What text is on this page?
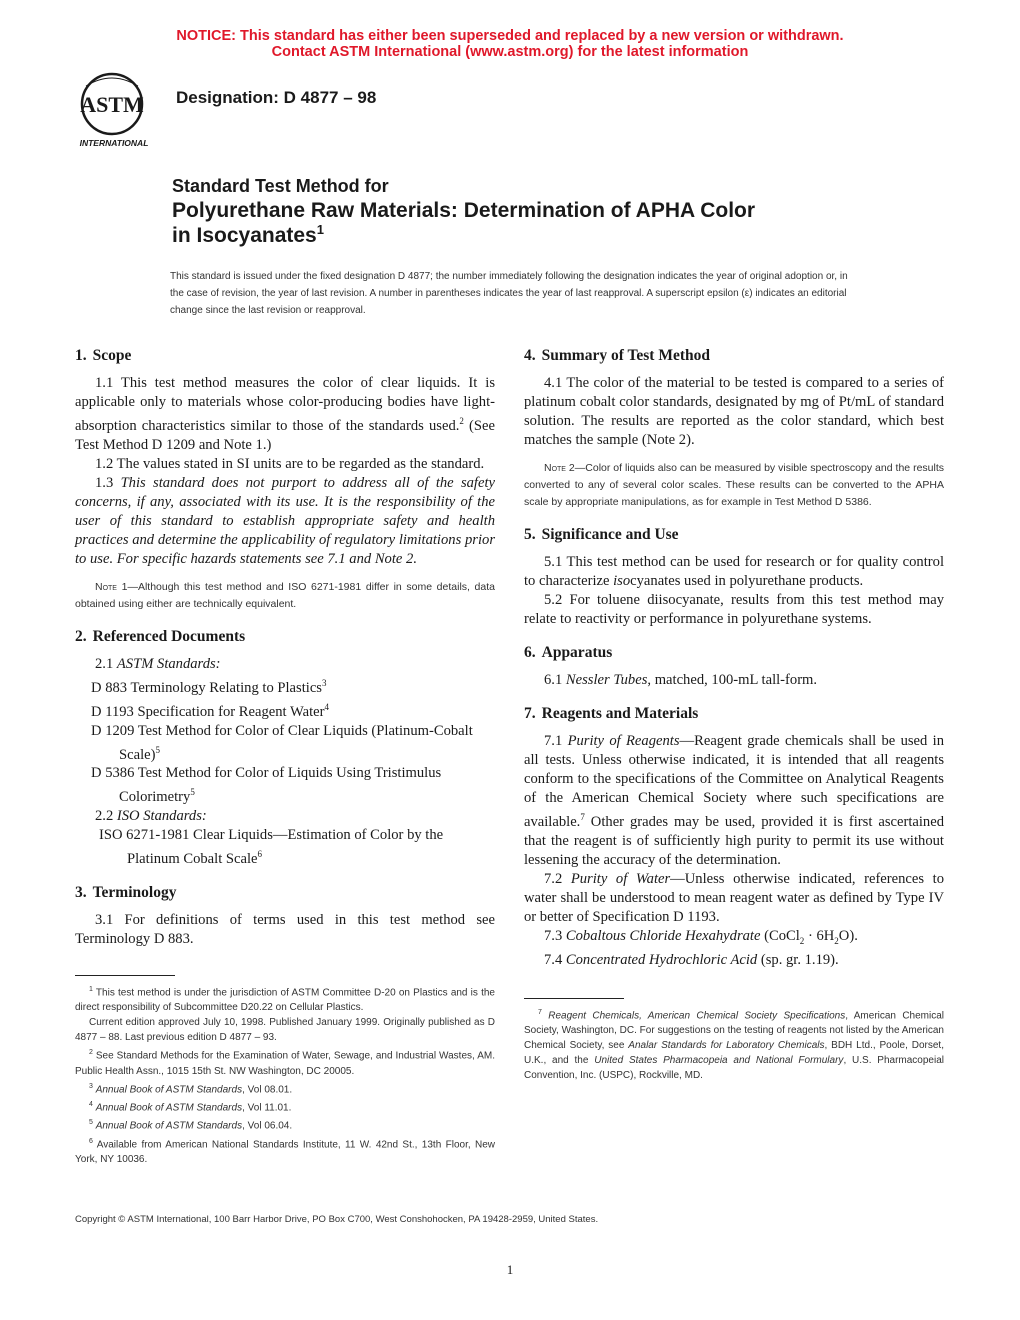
NOTICE: This standard has either been superseded and replaced by a new version or withdrawn.
Contact ASTM International (www.astm.org) for the latest information
ASTM
INTERNATIONAL
Designation: D 4877 – 98
Standard Test Method for
Polyurethane Raw Materials: Determination of APHA Color
in Isocyanates$^1$
This standard is issued under the fixed designation D 4877; the number immediately following the designation indicates the year of original adoption or, in the case of revision, the year of last revision. A number in parentheses indicates the year of last reapproval. A superscript epsilon (ε) indicates an editorial change since the last revision or reapproval.
1. Scope

1.1 This test method measures the color of clear liquids. It is applicable only to materials whose color-producing bodies have light-absorption characteristics similar to those of the standards used.$^2$ (See Test Method D 1209 and Note 1.)

1.2 The values stated in SI units are to be regarded as the standard.

1.3 This standard does not purport to address all of the safety concerns, if any, associated with its use. It is the responsibility of the user of this standard to establish appropriate safety and health practices and determine the applicability of regulatory limitations prior to use. For specific hazards statements see 7.1 and Note 2.

Note 1—Although this test method and ISO 6271-1981 differ in some details, data obtained using either are technically equivalent.

2. Referenced Documents

2.1 ASTM Standards:

D 883 Terminology Relating to Plastics$^3$

D 1193 Specification for Reagent Water$^4$

D 1209 Test Method for Color of Clear Liquids (Platinum-Cobalt Scale)$^5$

D 5386 Test Method for Color of Liquids Using Tristimulus Colorimetry$^5$

2.2 ISO Standards:

ISO 6271-1981 Clear Liquids—Estimation of Color by the Platinum Cobalt Scale$^6$

3. Terminology

3.1 For definitions of terms used in this test method see Terminology D 883.

$^1$ This test method is under the jurisdiction of ASTM Committee D-20 on Plastics and is the direct responsibility of Subcommittee D20.22 on Cellular Plastics.

Current edition approved July 10, 1998. Published January 1999. Originally published as D 4877 – 88. Last previous edition D 4877 – 93.

$^2$ See Standard Methods for the Examination of Water, Sewage, and Industrial Wastes, AM. Public Health Assn., 1015 15th St. NW Washington, DC 20005.

$^3$ Annual Book of ASTM Standards, Vol 08.01.

$^4$ Annual Book of ASTM Standards, Vol 11.01.

$^5$ Annual Book of ASTM Standards, Vol 06.04.

$^6$ Available from American National Standards Institute, 11 W. 42nd St., 13th Floor, New York, NY 10036.

4. Summary of Test Method

4.1 The color of the material to be tested is compared to a series of platinum cobalt color standards, designated by mg of Pt/mL of standard solution. The results are reported as the color standard, which best matches the sample (Note 2).

Note 2—Color of liquids also can be measured by visible spectroscopy and the results converted to any of several color scales. These results can be converted to the APHA scale by appropriate manipulations, as for example in Test Method D 5386.

5. Significance and Use

5.1 This test method can be used for research or for quality control to characterize isocyanates used in polyurethane products.

5.2 For toluene diisocyanate, results from this test method may relate to reactivity or performance in polyurethane systems.

6. Apparatus

6.1 Nessler Tubes, matched, 100-mL tall-form.

7. Reagents and Materials

7.1 Purity of Reagents—Reagent grade chemicals shall be used in all tests. Unless otherwise indicated, it is intended that all reagents conform to the specifications of the Committee on Analytical Reagents of the American Chemical Society where such specifications are available.$^7$ Other grades may be used, provided it is first ascertained that the reagent is of sufficiently high purity to permit its use without lessening the accuracy of the determination.

7.2 Purity of Water—Unless otherwise indicated, references to water shall be understood to mean reagent water as defined by Type IV or better of Specification D 1193.

7.3 Cobaltous Chloride Hexahydrate (CoCl$_2$ · $6H_2O$).

7.4 Concentrated Hydrochloric Acid (sp. gr. 1.19).

$^7$ Reagent Chemicals, American Chemical Society Specifications, American Chemical Society, Washington, DC. For suggestions on the testing of reagents not listed by the American Chemical Society, see Analar Standards for Laboratory Chemicals, BDH Ltd., Poole, Dorset, U.K., and the United States Pharmacopeia and National Formulary, U.S. Pharmacopeial Convention, Inc. (USPC), Rockville, MD.

Copyright © ASTM International, 100 Barr Harbor Drive, PO Box C700, West Conshohocken, PA 19428-2959, United States.
1
